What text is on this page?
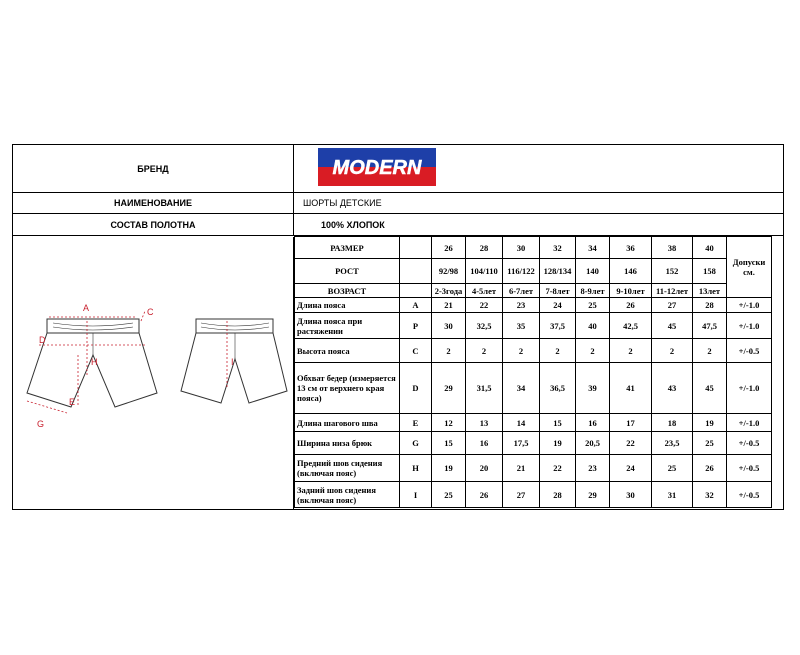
БРЕНД	MODERN
НАИМЕНОВАНИЕ	ШОРТЫ ДЕТСКИЕ
СОСТАВ ПОЛОТНА	100% ХЛОПОК
A	C
D
H
E
G
I
РАЗМЕР		26	28	30	32	34	36	38	40	Допуски см.
РОСТ		92/98	104/110	116/122	128/134	140	146	152	158	
ВОЗРАСТ		2-3года	4-5лет	6-7лет	7-8лет	8-9лет	9-10лет	11-12лет	13лет	
Длина пояса	A	21	22	23	24	25	26	27	28	+/-1.0
Длина пояса при растяжении	P	30	32,5	35	37,5	40	42,5	45	47,5	+/-1.0
Высота пояса	C	2	2	2	2	2	2	2	2	+/-0.5
Обхват бедер (измеряется 13 см от верхнего края пояса)	D	29	31,5	34	36,5	39	41	43	45	+/-1.0
Длина шагового шва	E	12	13	14	15	16	17	18	19	+/-1.0
Ширина низа брюк	G	15	16	17,5	19	20,5	22	23,5	25	+/-0.5
Предний шов сидения (включая пояс)	H	19	20	21	22	23	24	25	26	+/-0.5
Задний шов сидения (включая пояс)	I	25	26	27	28	29	30	31	32	+/-0.5
